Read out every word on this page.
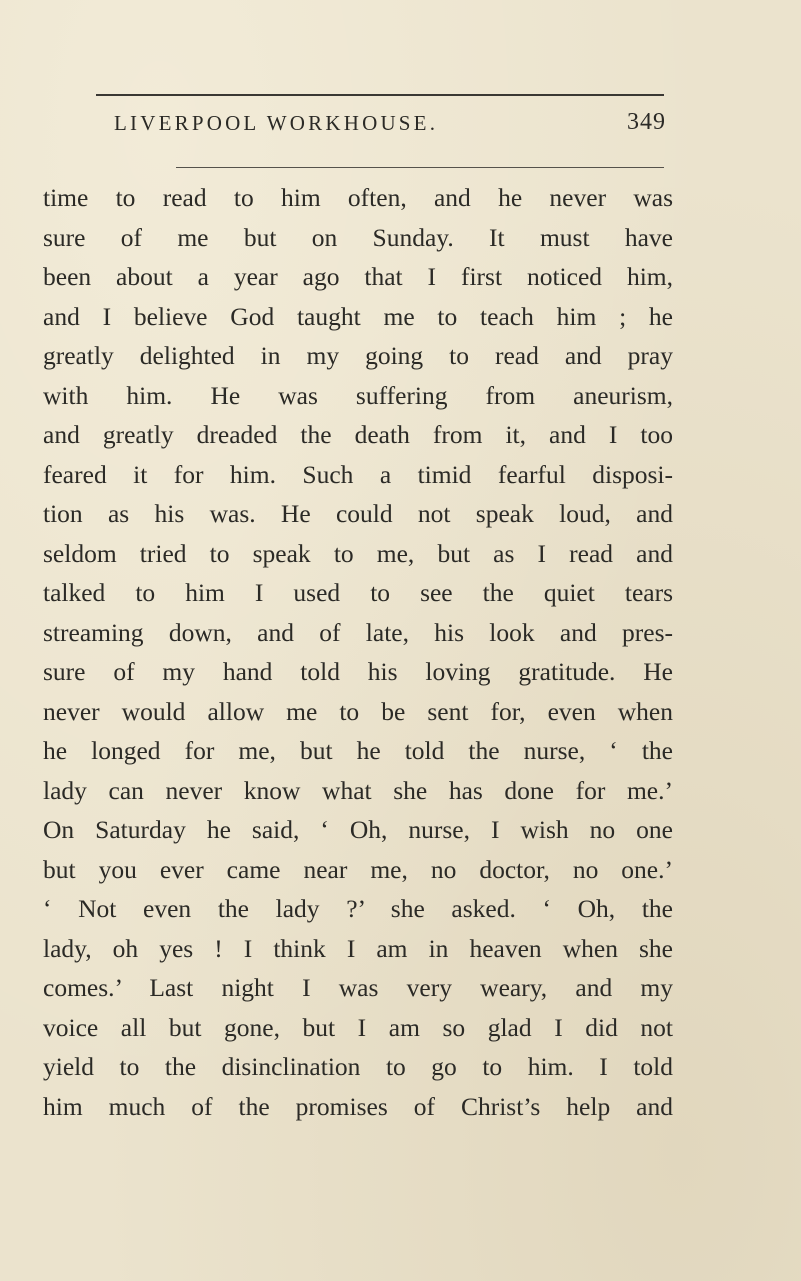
LIVERPOOL WORKHOUSE.	349
time to read to him often, and he never was
sure of me but on Sunday. It must have
been about a year ago that I first noticed him,
and I believe God taught me to teach him ; he
greatly delighted in my going to read and pray
with him. He was suffering from aneurism,
and greatly dreaded the death from it, and I too
feared it for him. Such a timid fearful disposi-
tion as his was. He could not speak loud, and
seldom tried to speak to me, but as I read and
talked to him I used to see the quiet tears
streaming down, and of late, his look and pres-
sure of my hand told his loving gratitude. He
never would allow me to be sent for, even when
he longed for me, but he told the nurse, ‘ the
lady can never know what she has done for me.’
On Saturday he said, ‘ Oh, nurse, I wish no one
but you ever came near me, no doctor, no one.’
‘ Not even the lady ?’ she asked. ‘ Oh, the
lady, oh yes ! I think I am in heaven when she
comes.’ Last night I was very weary, and my
voice all but gone, but I am so glad I did not
yield to the disinclination to go to him. I told
him much of the promises of Christ’s help and
